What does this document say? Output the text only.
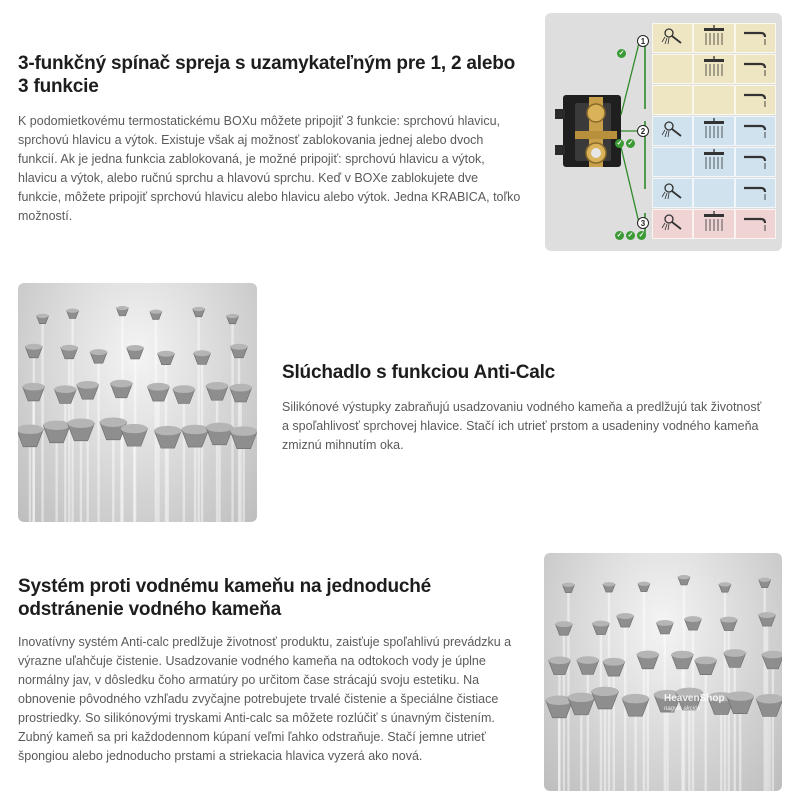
3-funkčný spínač spreja s uzamykateľným pre 1, 2 alebo 3 funkcie

K podomietkovému termostatickému BOXu môžete pripojiť 3 funkcie: sprchovú hlavicu, sprchovú hlavicu a výtok. Existuje však aj možnosť zablokovania jednej alebo dvoch funkcií. Ak je jedna funkcia zablokovaná, je možné pripojiť: sprchovú hlavicu a výtok, hlavicu a výtok, alebo ručnú sprchu a hlavovú sprchu. Keď v BOXe zablokujete dve funkcie, môžete pripojiť sprchovú hlavicu alebo hlavicu alebo výtok. Jedna KRABICA, toľko možností.

1
2
3
✓
✓ ✓
✓ ✓ ✓
Slúchadlo s funkciou Anti-Calc

Silikónové výstupky zabraňujú usadzovaniu vodného kameňa a predlžujú tak životnosť a spoľahlivosť sprchovej hlavice. Stačí ich utrieť prstom a usadeniny vodného kameňa zmiznú mihnutím oka.

Systém proti vodnému kameňu na jednoduché odstránenie vodného kameňa

Inovatívny systém Anti-calc predlžuje životnosť produktu, zaisťuje spoľahlivú prevádzku a výrazne uľahčuje čistenie. Usadzovanie vodného kameňa na odtokoch vody je úplne normálny jav, v dôsledku čoho armatúry po určitom čase strácajú svoju estetiku. Na obnovenie pôvodného vzhľadu zvyčajne potrebujete trvalé čistenie a špeciálne čistiace prostriedky. So silikónovými tryskami Anti-calc sa môžete rozlúčiť s únavným čistením. Zubný kameň sa pri každodennom kúpaní veľmi ľahko odstraňuje. Stačí jemne utrieť špongiou alebo jednoducho prstami a striekacia hlavica vyzerá ako nová.

HeavenShop
nagyle akciók
